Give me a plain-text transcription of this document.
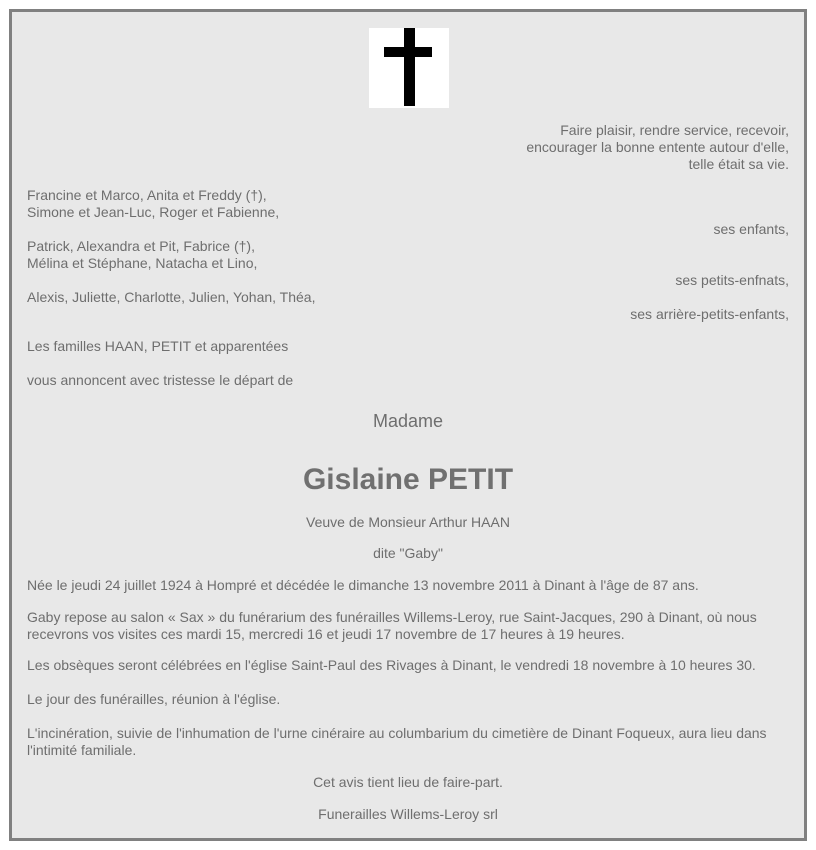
Faire plaisir, rendre service, recevoir,

encourager la bonne entente autour d'elle,

telle était sa vie.

Francine et Marco, Anita et Freddy (†),

Simone et Jean-Luc, Roger et Fabienne,

ses enfants,

Patrick, Alexandra et Pit, Fabrice (†),

Mélina et Stéphane, Natacha et Lino,

ses petits-enfnats,

Alexis, Juliette, Charlotte, Julien, Yohan, Théa,

ses arrière-petits-enfants,

Les familles HAAN, PETIT et apparentées

vous annoncent avec tristesse le départ de

Madame

Gislaine PETIT

Veuve de Monsieur Arthur HAAN

dite "Gaby"

Née le jeudi 24 juillet 1924 à Hompré et décédée le dimanche 13 novembre 2011 à Dinant à l'âge de 87 ans.

Gaby repose au salon « Sax » du funérarium des funérailles Willems-Leroy, rue Saint-Jacques, 290 à Dinant, où nous recevrons vos visites ces mardi 15, mercredi 16 et jeudi 17 novembre de 17 heures à 19 heures.

Les obsèques seront célébrées en l'église Saint-Paul des Rivages à Dinant, le vendredi 18 novembre à 10 heures 30.

Le jour des funérailles, réunion à l'église.

L'incinération, suivie de l'inhumation de l'urne cinéraire au columbarium du cimetière de Dinant Foqueux, aura lieu dans l'intimité familiale.

Cet avis tient lieu de faire-part.

Funerailles Willems-Leroy srl
